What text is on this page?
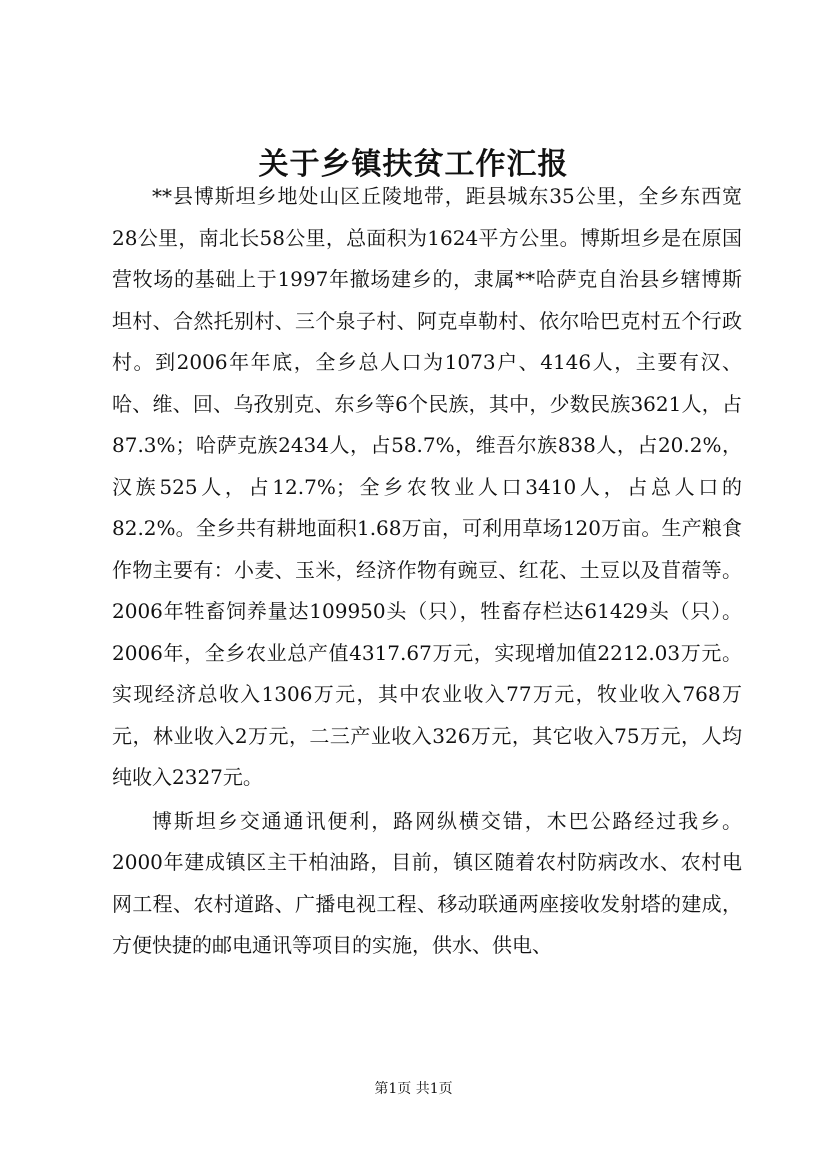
关于乡镇扶贫工作汇报

**县博斯坦乡地处山区丘陵地带，距县城东35公里，全乡东西宽28公里，南北长58公里，总面积为1624平方公里。博斯坦乡是在原国营牧场的基础上于1997年撤场建乡的，隶属**哈萨克自治县乡辖博斯坦村、合然托别村、三个泉子村、阿克卓勒村、依尔哈巴克村五个行政村。到2006年年底，全乡总人口为1073户、4146人，主要有汉、哈、维、回、乌孜别克、东乡等6个民族，其中，少数民族3621人，占87.3%；哈萨克族2434人，占58.7%，维吾尔族838人，占20.2%，汉族525人，占12.7%；全乡农牧业人口3410人，占总人口的82.2%。全乡共有耕地面积1.68万亩，可利用草场120万亩。生产粮食作物主要有：小麦、玉米，经济作物有豌豆、红花、土豆以及苜蓿等。2006年牲畜饲养量达109950头（只），牲畜存栏达61429头（只）。2006年，全乡农业总产值4317.67万元，实现增加值2212.03万元。实现经济总收入1306万元，其中农业收入77万元，牧业收入768万元，林业收入2万元，二三产业收入326万元，其它收入75万元，人均纯收入2327元。

博斯坦乡交通通讯便利，路网纵横交错，木巴公路经过我乡。2000年建成镇区主干柏油路，目前，镇区随着农村防病改水、农村电网工程、农村道路、广播电视工程、移动联通两座接收发射塔的建成，方便快捷的邮电通讯等项目的实施，供水、供电、

第1页 共1页
